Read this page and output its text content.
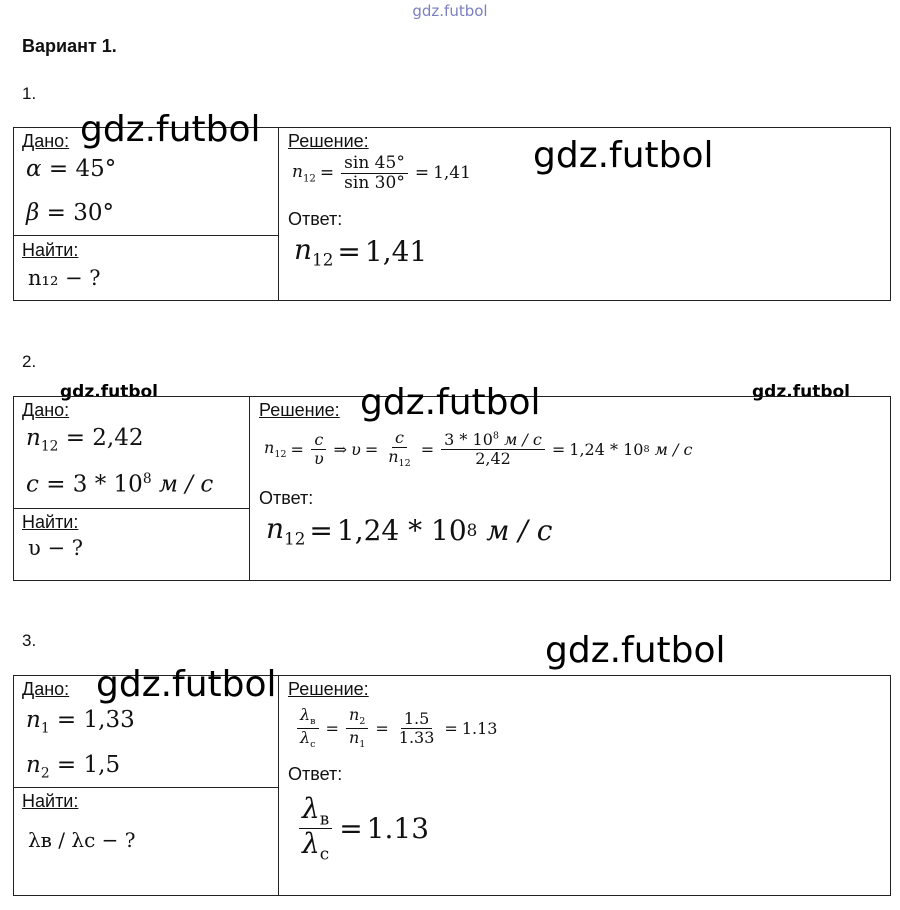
gdz.futbol
Вариант 1.
1.
Дано:
α = 45°
β = 30°
Найти:
n₁₂ − ?
Решение:
$n_{12} = \frac{\sin 45^\circ}{\sin 30^\circ} = 1,41$
Ответ:
$n_{12} = 1,41$
gdz.futbol
gdz.futbol
2.
gdz.futbol	gdz.futbol
Дано:
$n_{12} = 2,42$
$c = 3 * 10^8$ м / с
Найти:
υ − ?
Решение:
$n_{12} = \frac{c}{\upsilon}$ ⇒ $\upsilon = \frac{c}{n_{12}} = \frac{3 * 10^8 м / с}{2,42} = 1,24 * 10$ 8
м / с
Ответ:
$n_{12} = 1,24 * 10$ 8
м / с
gdz.futbol
3.
Дано:
$n_1 = 1,33$
$n_2 = 1,5$
Найти:
λв / λс − ?
Решение:
$\frac{\lambda_в}{\lambda_с} = \frac{n_2}{n_1} = \frac{1.5}{1.33} = 1.13$
Ответ:
$\frac{\lambda_в}{\lambda_с} = 1.13$
gdz.futbol
gdz.futbol
